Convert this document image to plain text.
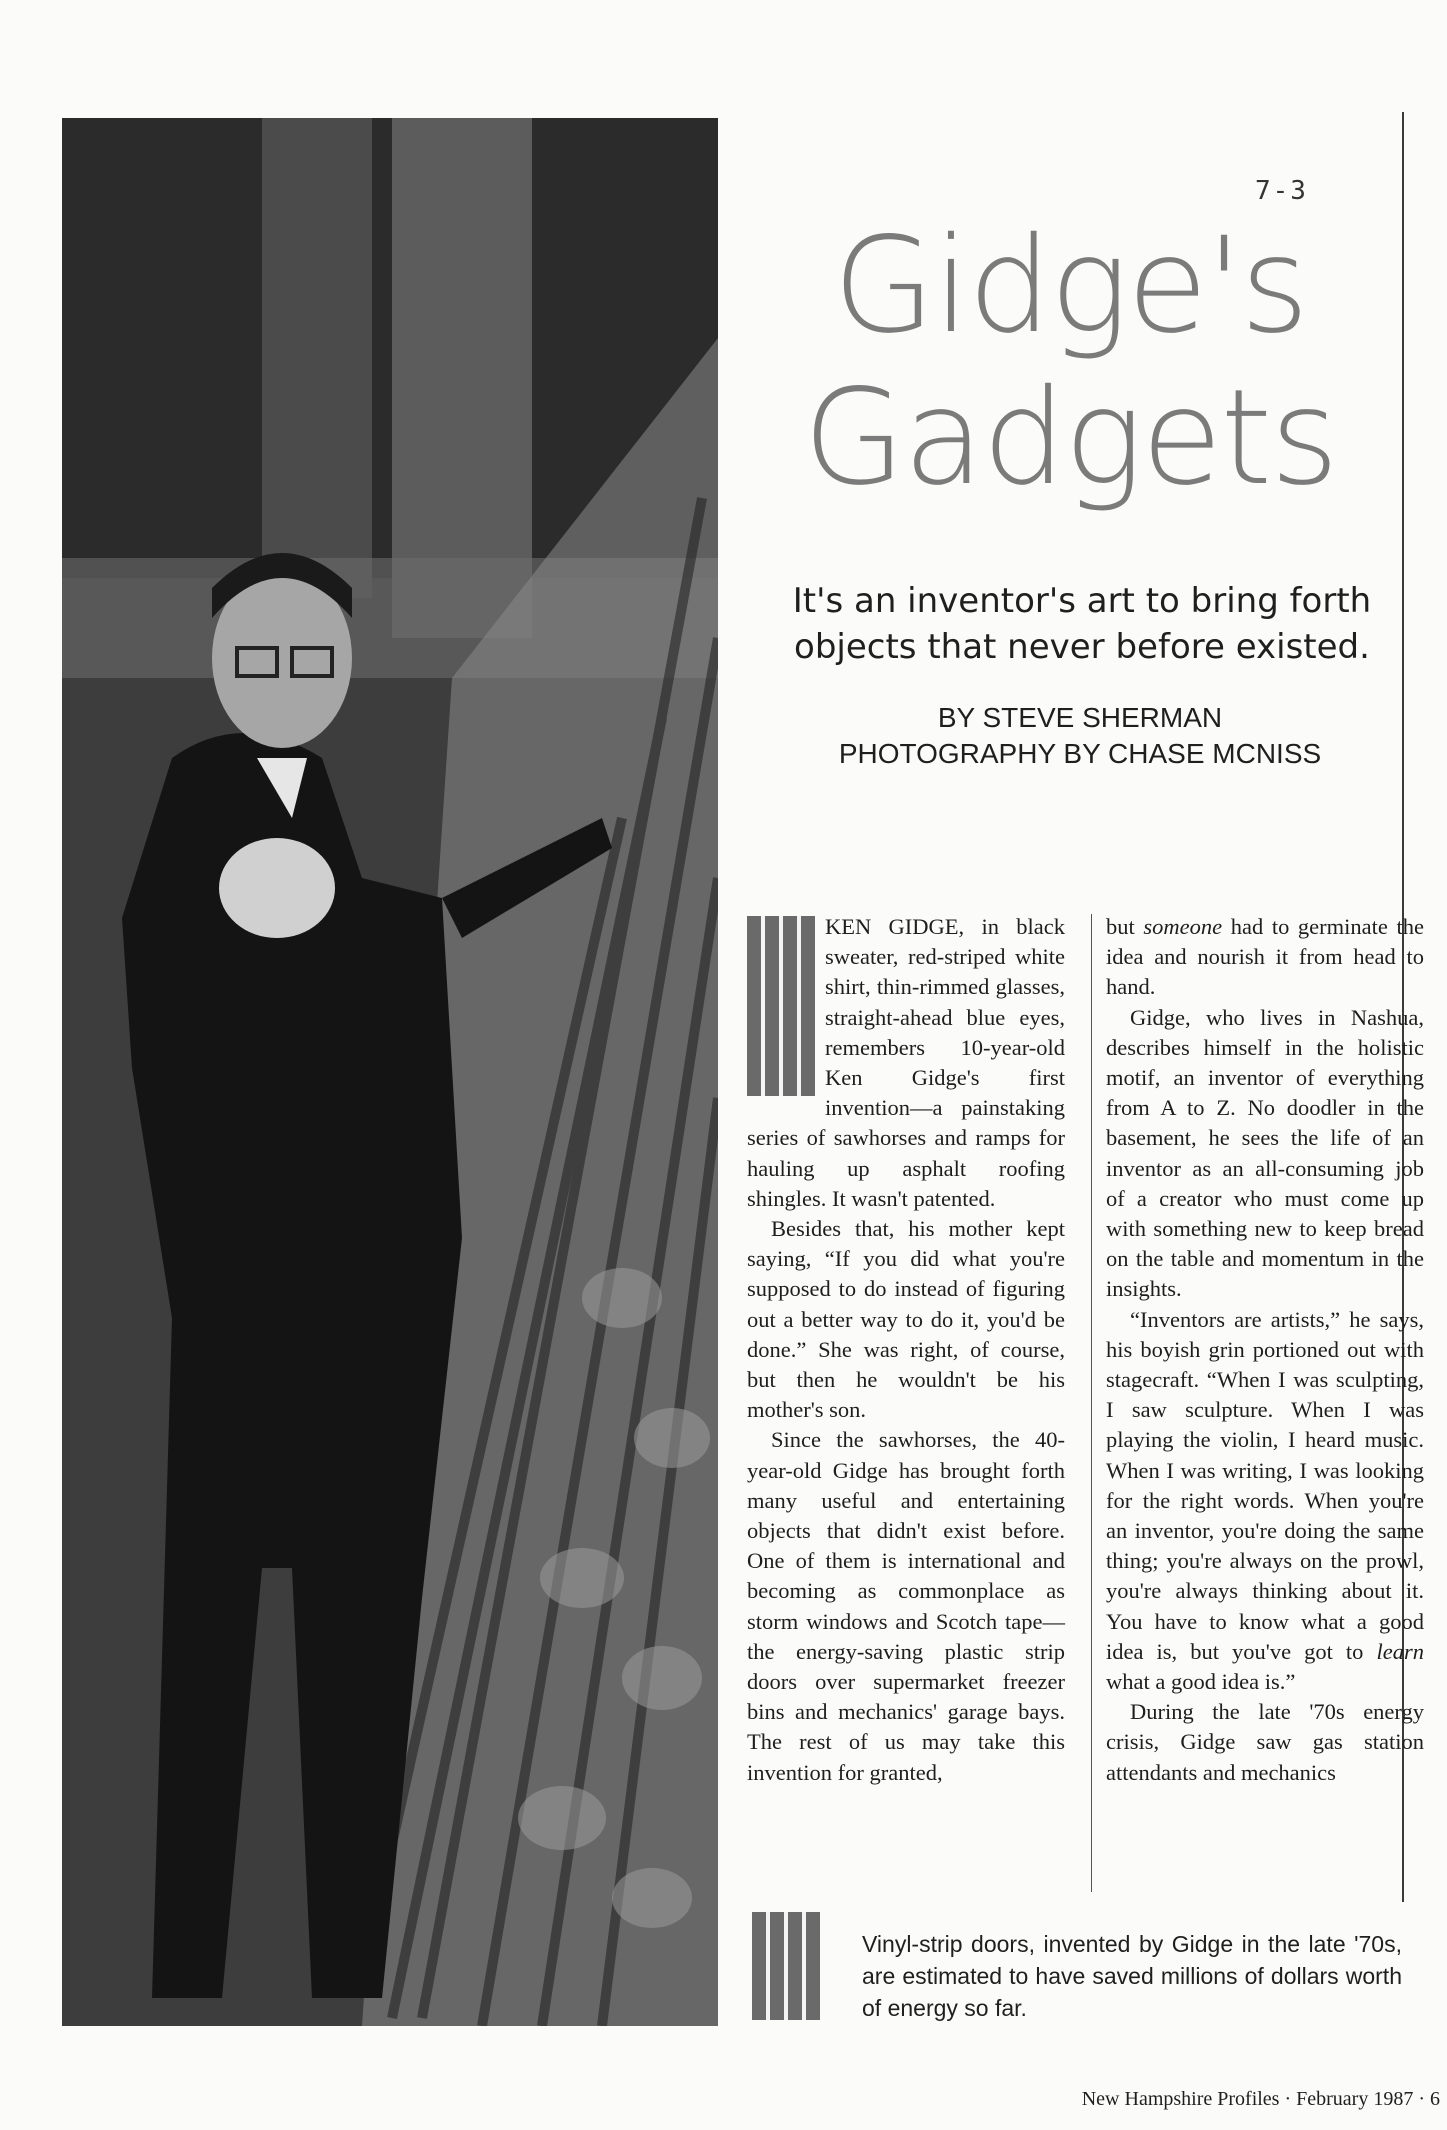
7-3
Gidge's
Gadgets
It's an inventor's art to bring forth
objects that never before existed.
BY STEVE SHERMAN
PHOTOGRAPHY BY CHASE MCNISS

KEN GIDGE, in black sweater, red-striped white shirt, thin-rimmed glasses, straight-ahead blue eyes, remembers 10-year-old Ken Gidge's first invention—a painstaking series of sawhorses and ramps for hauling up asphalt roofing shingles. It wasn't patented.

Besides that, his mother kept saying, “If you did what you're supposed to do instead of figuring out a better way to do it, you'd be done.” She was right, of course, but then he wouldn't be his mother's son.

Since the sawhorses, the 40-year-old Gidge has brought forth many useful and entertaining objects that didn't exist before. One of them is international and becoming as commonplace as storm windows and Scotch tape—the energy-saving plastic strip doors over supermarket freezer bins and mechanics' garage bays. The rest of us may take this invention for granted,

but someone had to germinate the idea and nourish it from head to hand.

Gidge, who lives in Nashua, describes himself in the holistic motif, an inventor of everything from A to Z. No doodler in the basement, he sees the life of an inventor as an all-consuming job of a creator who must come up with something new to keep bread on the table and momentum in the insights.

“Inventors are artists,” he says, his boyish grin portioned out with stagecraft. “When I was sculpting, I saw sculpture. When I was playing the violin, I heard music. When I was writing, I was looking for the right words. When you're an inventor, you're doing the same thing; you're always on the prowl, you're always thinking about it. You have to know what a good idea is, but you've got to learn what a good idea is.”

During the late '70s energy crisis, Gidge saw gas station attendants and mechanics

Vinyl-strip doors, invented by Gidge in the late '70s, are estimated to have saved millions of dollars worth of energy so far.
New Hampshire Profiles · February 1987 · 6
